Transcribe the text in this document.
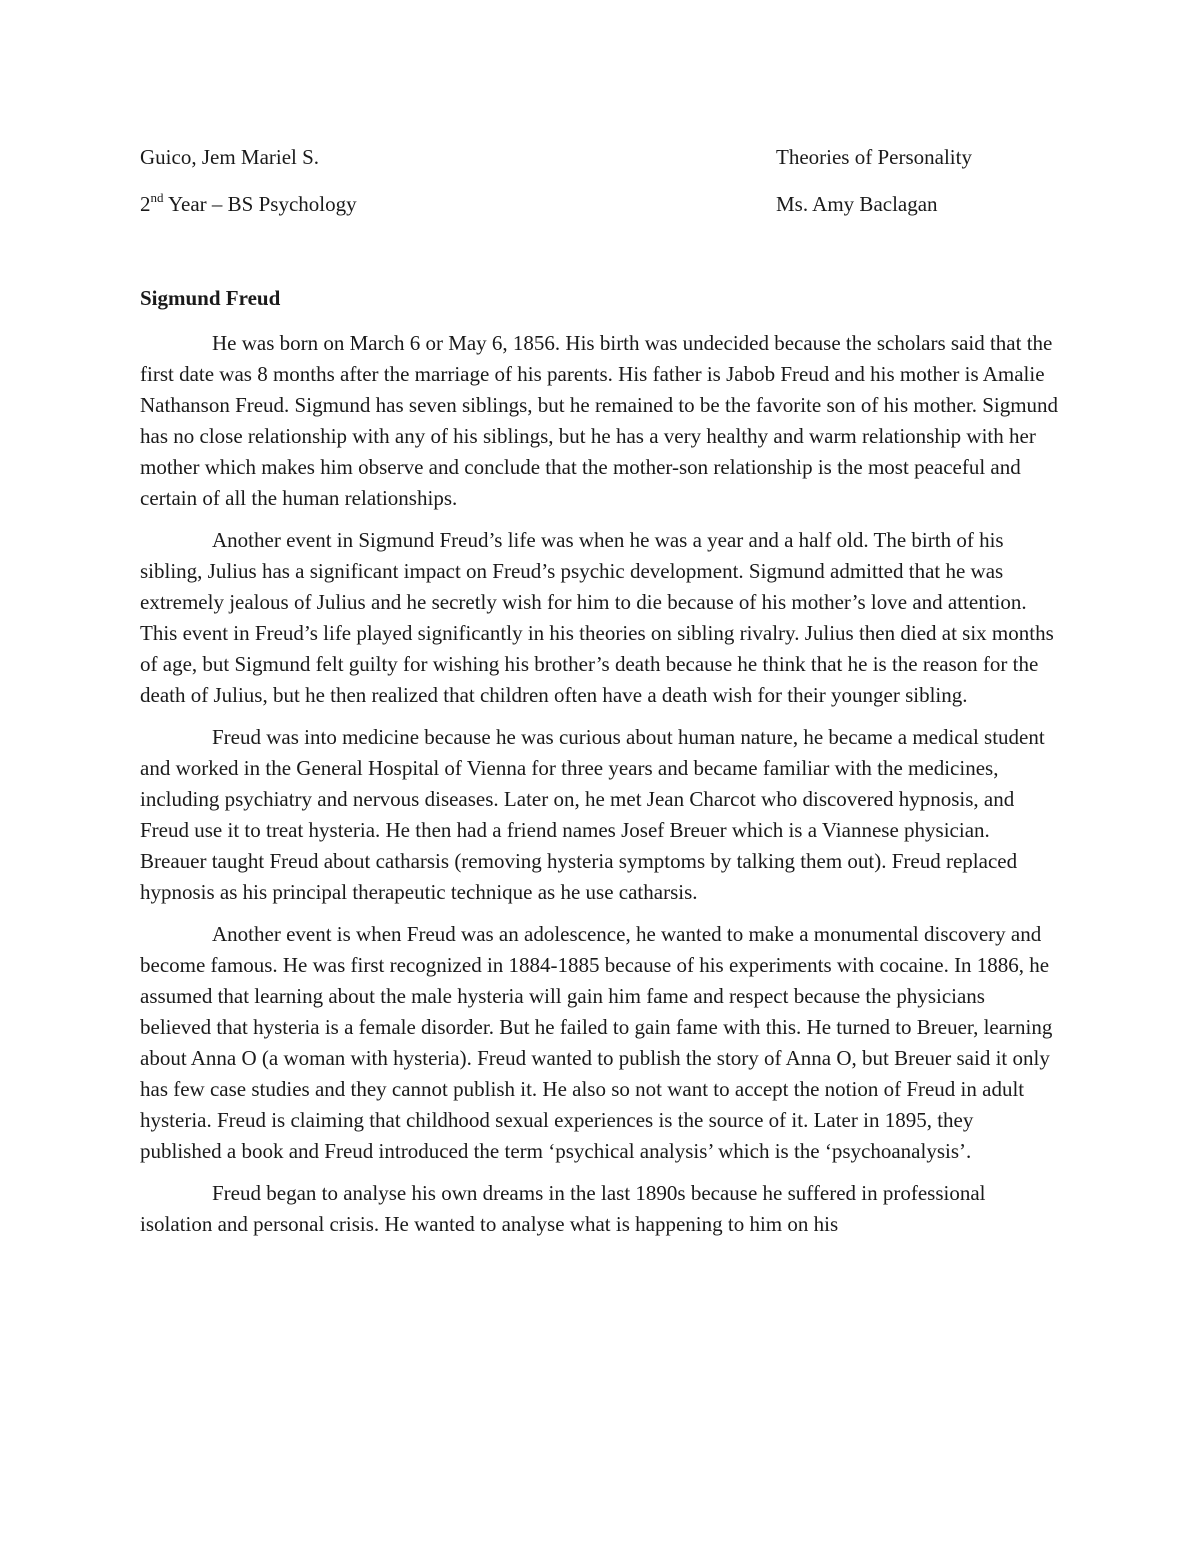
Guico, Jem Mariel S.	Theories of Personality
2nd Year – BS Psychology	Ms. Amy Baclagan
Sigmund Freud

He was born on March 6 or May 6, 1856. His birth was undecided because the scholars said that the first date was 8 months after the marriage of his parents. His father is Jabob Freud and his mother is Amalie Nathanson Freud. Sigmund has seven siblings, but he remained to be the favorite son of his mother. Sigmund has no close relationship with any of his siblings, but he has a very healthy and warm relationship with her mother which makes him observe and conclude that the mother-son relationship is the most peaceful and certain of all the human relationships.

Another event in Sigmund Freud’s life was when he was a year and a half old. The birth of his sibling, Julius has a significant impact on Freud’s psychic development. Sigmund admitted that he was extremely jealous of Julius and he secretly wish for him to die because of his mother’s love and attention. This event in Freud’s life played significantly in his theories on sibling rivalry. Julius then died at six months of age, but Sigmund felt guilty for wishing his brother’s death because he think that he is the reason for the death of Julius, but he then realized that children often have a death wish for their younger sibling.

Freud was into medicine because he was curious about human nature, he became a medical student and worked in the General Hospital of Vienna for three years and became familiar with the medicines, including psychiatry and nervous diseases. Later on, he met Jean Charcot who discovered hypnosis, and Freud use it to treat hysteria. He then had a friend names Josef Breuer which is a Viannese physician. Breauer taught Freud about catharsis (removing hysteria symptoms by talking them out). Freud replaced hypnosis as his principal therapeutic technique as he use catharsis.

Another event is when Freud was an adolescence, he wanted to make a monumental discovery and become famous. He was first recognized in 1884-1885 because of his experiments with cocaine. In 1886, he assumed that learning about the male hysteria will gain him fame and respect because the physicians believed that hysteria is a female disorder. But he failed to gain fame with this. He turned to Breuer, learning about Anna O (a woman with hysteria). Freud wanted to publish the story of Anna O, but Breuer said it only has few case studies and they cannot publish it. He also so not want to accept the notion of Freud in adult hysteria. Freud is claiming that childhood sexual experiences is the source of it. Later in 1895, they published a book and Freud introduced the term ‘psychical analysis’ which is the ‘psychoanalysis’.

Freud began to analyse his own dreams in the last 1890s because he suffered in professional isolation and personal crisis. He wanted to analyse what is happening to him on his
